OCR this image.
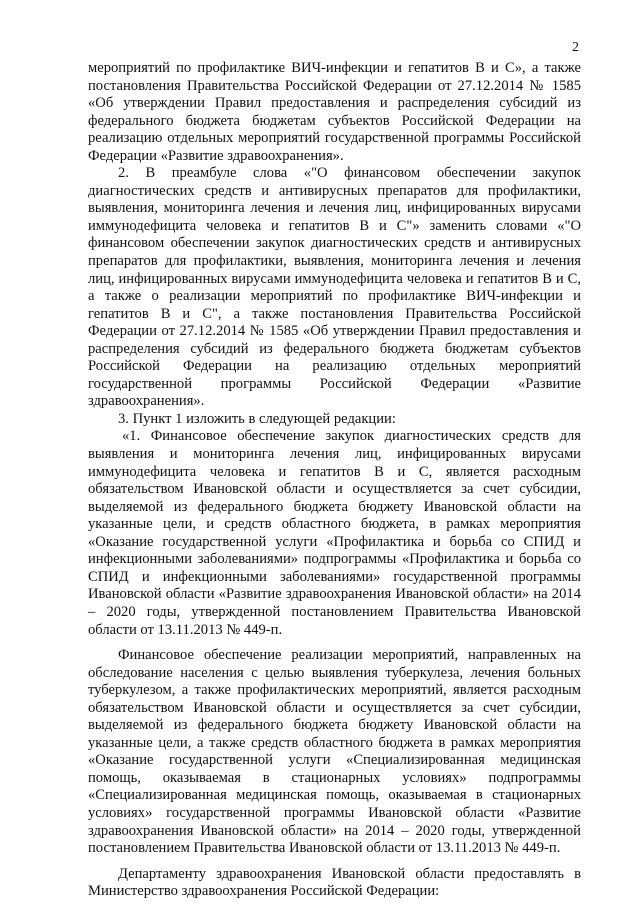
2

мероприятий по профилактике ВИЧ-инфекции и гепатитов В и С», а также постановления Правительства Российской Федерации от 27.12.2014 № 1585 «Об утверждении Правил предоставления и распределения субсидий из федерального бюджета бюджетам субъектов Российской Федерации на реализацию отдельных мероприятий государственной программы Российской Федерации «Развитие здравоохранения».

2. В преамбуле слова «"О финансовом обеспечении закупок диагностических средств и антивирусных препаратов для профилактики, выявления, мониторинга лечения и лечения лиц, инфицированных вирусами иммунодефицита человека и гепатитов В и С"» заменить словами «"О финансовом обеспечении закупок диагностических средств и антивирусных препаратов для профилактики, выявления, мониторинга лечения и лечения лиц, инфицированных вирусами иммунодефицита человека и гепатитов В и С, а также о реализации мероприятий по профилактике ВИЧ-инфекции и гепатитов В и С", а также постановления Правительства Российской Федерации от 27.12.2014 № 1585 «Об утверждении Правил предоставления и распределения субсидий из федерального бюджета бюджетам субъектов Российской Федерации на реализацию отдельных мероприятий государственной программы Российской Федерации «Развитие здравоохранения».

3. Пункт 1 изложить в следующей редакции:

«1. Финансовое обеспечение закупок диагностических средств для выявления и мониторинга лечения лиц, инфицированных вирусами иммунодефицита человека и гепатитов В и С, является расходным обязательством Ивановской области и осуществляется за счет субсидии, выделяемой из федерального бюджета бюджету Ивановской области на указанные цели, и средств областного бюджета, в рамках мероприятия «Оказание государственной услуги «Профилактика и борьба со СПИД и инфекционными заболеваниями» подпрограммы «Профилактика и борьба со СПИД и инфекционными заболеваниями» государственной программы Ивановской области «Развитие здравоохранения Ивановской области» на 2014 – 2020 годы, утвержденной постановлением Правительства Ивановской области от 13.11.2013 № 449-п.

Финансовое обеспечение реализации мероприятий, направленных на обследование населения с целью выявления туберкулеза, лечения больных туберкулезом, а также профилактических мероприятий, является расходным обязательством Ивановской области и осуществляется за счет субсидии, выделяемой из федерального бюджета бюджету Ивановской области на указанные цели, а также средств областного бюджета в рамках мероприятия «Оказание государственной услуги «Специализированная медицинская помощь, оказываемая в стационарных условиях» подпрограммы «Специализированная медицинская помощь, оказываемая в стационарных условиях» государственной программы Ивановской области «Развитие здравоохранения Ивановской области» на 2014 – 2020 годы, утвержденной постановлением Правительства Ивановской области от 13.11.2013 № 449-п.

Департаменту здравоохранения Ивановской области предоставлять в Министерство здравоохранения Российской Федерации:
